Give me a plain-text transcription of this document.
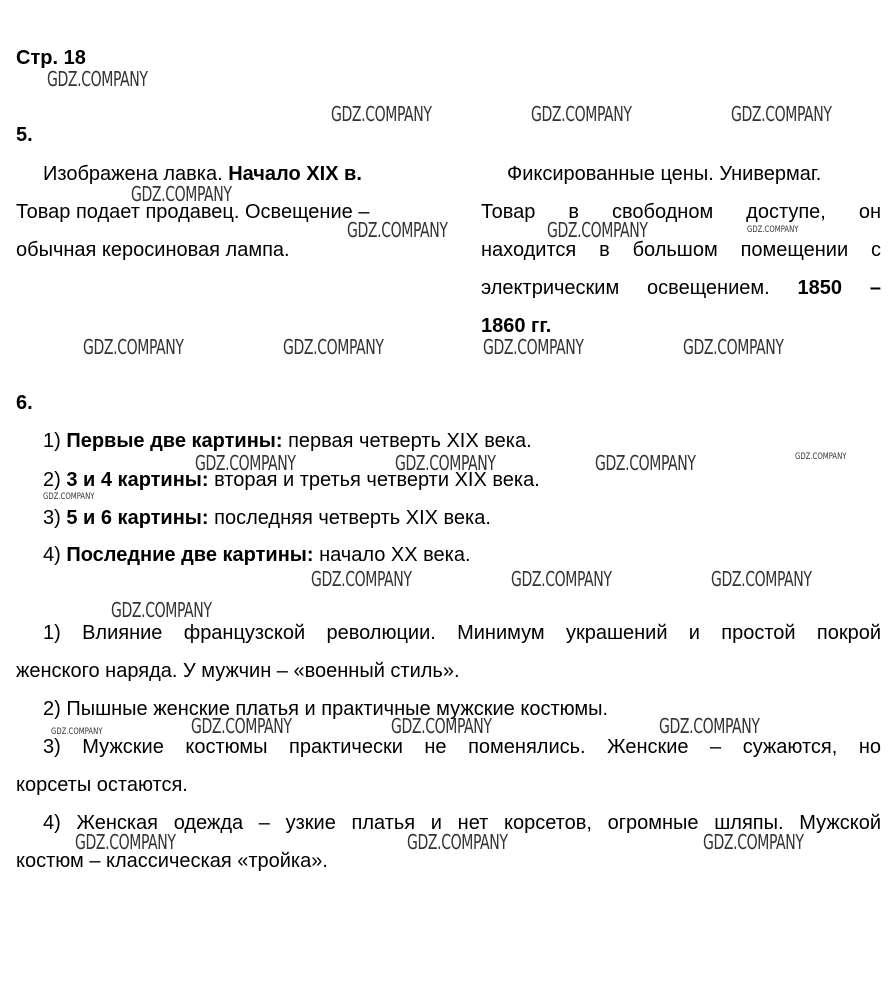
Стр. 18
5.
Изображена лавка. Начало XIX в.
Товар подает продавец. Освещение –
обычная керосиновая лампа.
Фиксированные цены. Универмаг.
Товар в свободном доступе, он
находится в большом помещении с
электрическим освещением. 1850 –
1860 гг.
6.
1) Первые две картины: первая четверть XIX века.
2) 3 и 4 картины: вторая и третья четверти XIX века.
3) 5 и 6 картины: последняя четверть XIX века.
4) Последние две картины: начало XX века.
1) Влияние французской революции. Минимум украшений и простой покрой
женского наряда. У мужчин – «военный стиль».
2) Пышные женские платья и практичные мужские костюмы.
3) Мужские костюмы практически не поменялись. Женские – сужаются, но
корсеты остаются.
4) Женская одежда – узкие платья и нет корсетов, огромные шляпы. Мужской
костюм – классическая «тройка».
GDZ.COMPANY
GDZ.COMPANY	GDZ.COMPANY	GDZ.COMPANY
GDZ.COMPANY
GDZ.COMPANY	GDZ.COMPANY	GDZ.COMPANY
GDZ.COMPANY	GDZ.COMPANY	GDZ.COMPANY	GDZ.COMPANY
GDZ.COMPANY	GDZ.COMPANY	GDZ.COMPANY	GDZ.COMPANY
GDZ.COMPANY
GDZ.COMPANY	GDZ.COMPANY	GDZ.COMPANY
GDZ.COMPANY
GDZ.COMPANY	GDZ.COMPANY	GDZ.COMPANY
GDZ.COMPANY
GDZ.COMPANY	GDZ.COMPANY	GDZ.COMPANY
